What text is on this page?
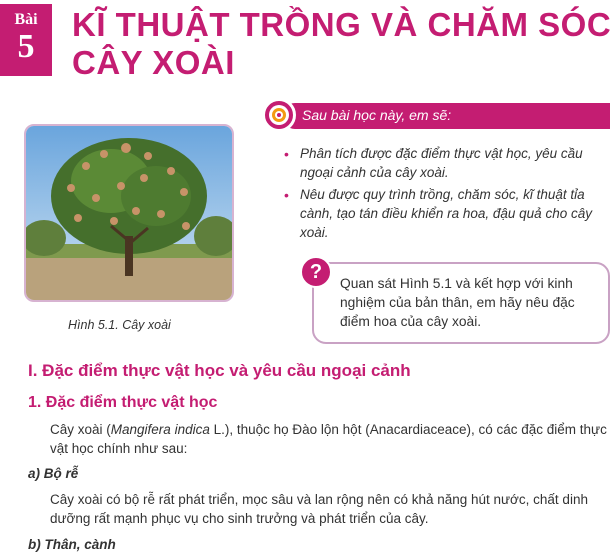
Bài
5
KĨ THUẬT TRỒNG VÀ CHĂM SÓC CÂY XOÀI
Hình 5.1. Cây xoài
Sau bài học này, em sẽ:
• Phân tích được đặc điểm thực vật học, yêu cầu ngoại cảnh của cây xoài.
• Nêu được quy trình trồng, chăm sóc, kĩ thuật tỉa cành, tạo tán điều khiển ra hoa, đậu quả cho cây xoài.
?
Quan sát Hình 5.1 và kết hợp với kinh nghiệm của bản thân, em hãy nêu đặc điểm hoa của cây xoài.
I. Đặc điểm thực vật học và yêu cầu ngoại cảnh
1. Đặc điểm thực vật học
Cây xoài (Mangifera indica L.), thuộc họ Đào lộn hột (Anacardiaceace), có các đặc điểm thực vật học chính như sau:
a) Bộ rễ
Cây xoài có bộ rễ rất phát triển, mọc sâu và lan rộng nên có khả năng hút nước, chất dinh dưỡng rất mạnh phục vụ cho sinh trưởng và phát triển của cây.
b) Thân, cành
